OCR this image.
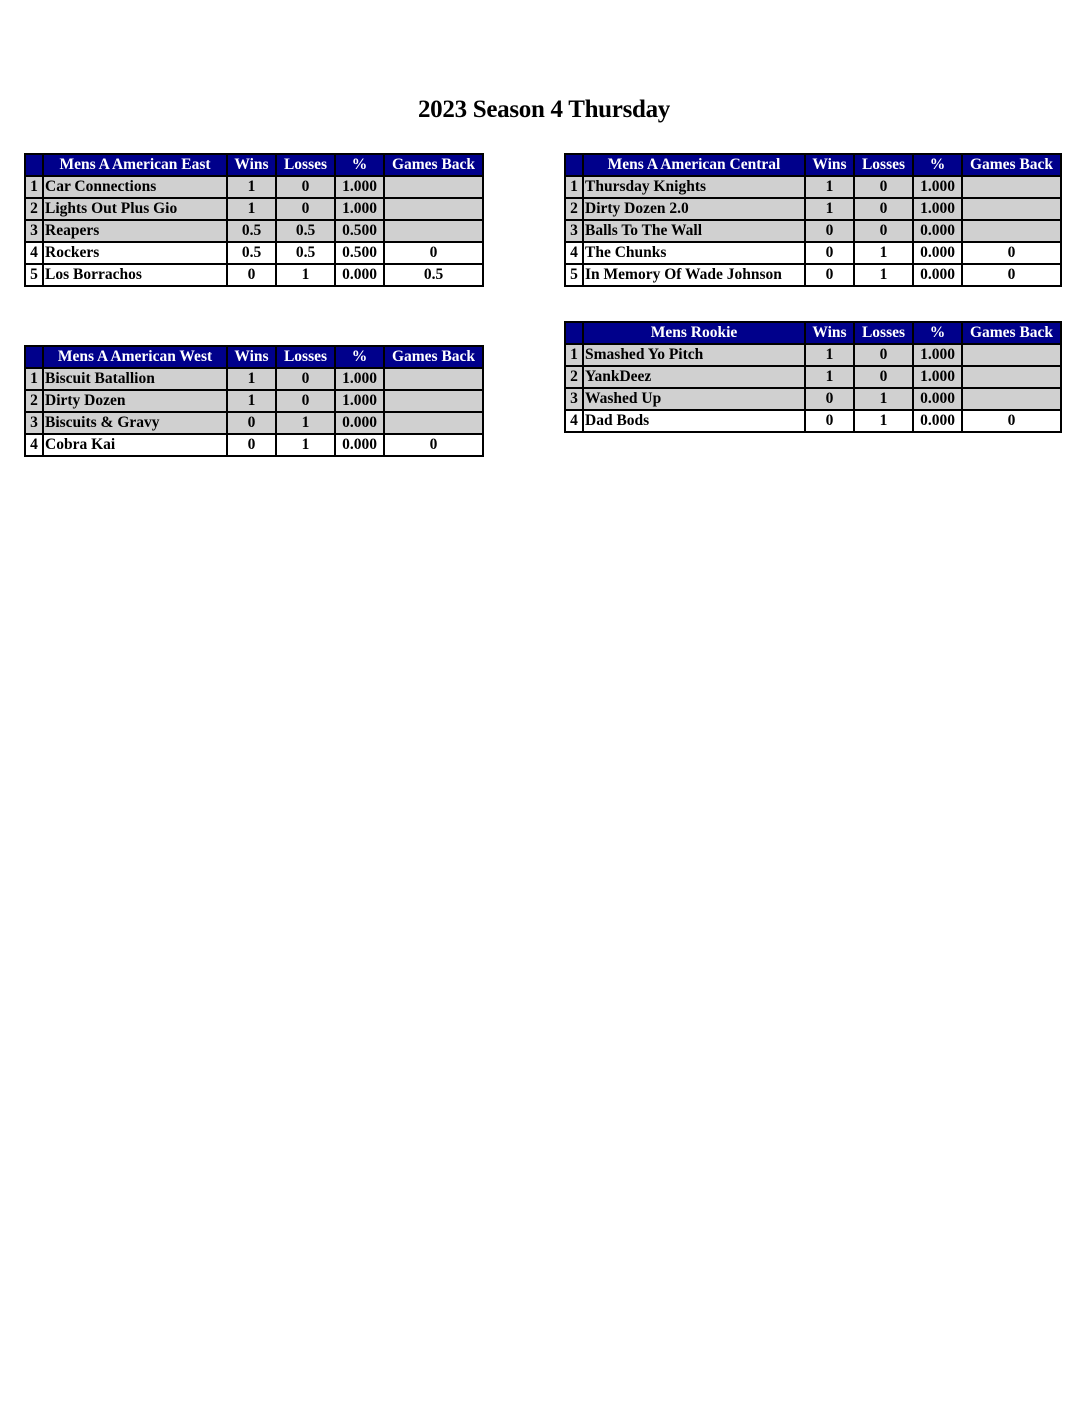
2023 Season 4 Thursday
	Mens A American East	Wins	Losses	%	Games Back
1	Car Connections	1	0	1.000	
2	Lights Out Plus Gio	1	0	1.000	
3	Reapers	0.5	0.5	0.500	
4	Rockers	0.5	0.5	0.500	0
5	Los Borrachos	0	1	0.000	0.5
	Mens A American West	Wins	Losses	%	Games Back
1	Biscuit Batallion	1	0	1.000	
2	Dirty Dozen	1	0	1.000	
3	Biscuits & Gravy	0	1	0.000	
4	Cobra Kai	0	1	0.000	0
	Mens A American Central	Wins	Losses	%	Games Back
1	Thursday Knights	1	0	1.000	
2	Dirty Dozen 2.0	1	0	1.000	
3	Balls To The Wall	0	0	0.000	
4	The Chunks	0	1	0.000	0
5	In Memory Of Wade Johnson	0	1	0.000	0
	Mens Rookie	Wins	Losses	%	Games Back
1	Smashed Yo Pitch	1	0	1.000	
2	YankDeez	1	0	1.000	
3	Washed Up	0	1	0.000	
4	Dad Bods	0	1	0.000	0
